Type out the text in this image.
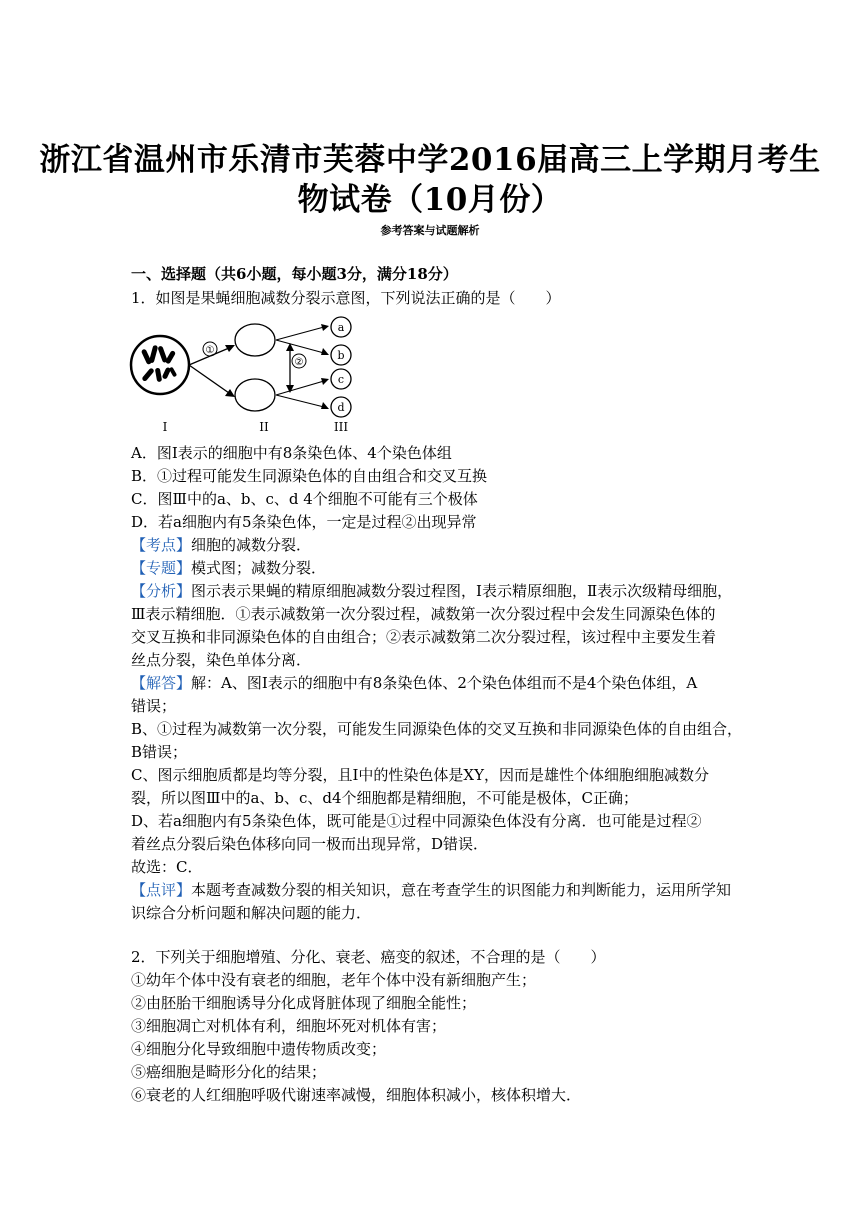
浙江省温州市乐清市芙蓉中学2016届高三上学期月考生
物试卷（10月份）
参考答案与试题解析
一、选择题（共6小题，每小题3分，满分18分）
1．如图是果蝇细胞减数分裂示意图，下列说法正确的是（　　）
①
②
a
b
c
d
I	II	III
A．图Ⅰ表示的细胞中有8条染色体、4个染色体组
B．①过程可能发生同源染色体的自由组合和交叉互换
C．图Ⅲ中的a、b、c、d 4个细胞不可能有三个极体
D．若a细胞内有5条染色体，一定是过程②出现异常
【考点】细胞的减数分裂．
【专题】模式图；减数分裂．
【分析】图示表示果蝇的精原细胞减数分裂过程图，Ⅰ表示精原细胞，Ⅱ表示次级精母细胞，
Ⅲ表示精细胞．①表示减数第一次分裂过程，减数第一次分裂过程中会发生同源染色体的
交叉互换和非同源染色体的自由组合；②表示减数第二次分裂过程，该过程中主要发生着
丝点分裂，染色单体分离．
【解答】解：A、图Ⅰ表示的细胞中有8条染色体、2个染色体组而不是4个染色体组，A
错误；
B、①过程为减数第一次分裂，可能发生同源染色体的交叉互换和非同源染色体的自由组合，
B错误；
C、图示细胞质都是均等分裂，且Ⅰ中的性染色体是XY，因而是雄性个体细胞细胞减数分
裂，所以图Ⅲ中的a、b、c、d4个细胞都是精细胞，不可能是极体，C正确；
D、若a细胞内有5条染色体，既可能是①过程中同源染色体没有分离．也可能是过程②
着丝点分裂后染色体移向同一极而出现异常，D错误．
故选：C．
【点评】本题考查减数分裂的相关知识，意在考查学生的识图能力和判断能力，运用所学知
识综合分析问题和解决问题的能力．
2．下列关于细胞增殖、分化、衰老、癌变的叙述，不合理的是（　　）
①幼年个体中没有衰老的细胞，老年个体中没有新细胞产生；
②由胚胎干细胞诱导分化成肾脏体现了细胞全能性；
③细胞凋亡对机体有利，细胞坏死对机体有害；
④细胞分化导致细胞中遗传物质改变；
⑤癌细胞是畸形分化的结果；
⑥衰老的人红细胞呼吸代谢速率减慢，细胞体积减小，核体积增大．
